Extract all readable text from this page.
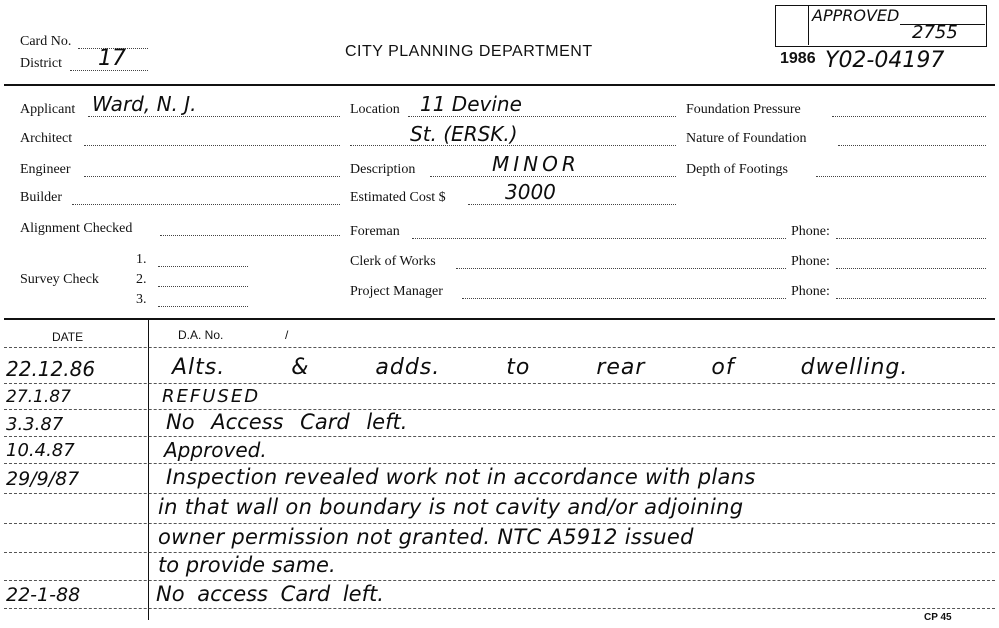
Card No.
District 17	CITY PLANNING DEPARTMENT
APPROVED
2755
1986 Y02-04197
Applicant Ward, N. J.
Architect
Engineer
Builder
Alignment Checked
Survey Check
1.
2.
3.
Location 11 Devine
St. (ERSK.)
Description	MINOR
Estimated Cost $	3000
Foreman
Clerk of Works
Project Manager
Foundation Pressure
Nature of Foundation
Depth of Footings
Phone:
Phone:
Phone:
DATE	D.A. No.	/
22.12.86	Alts. & adds. to rear of dwelling.
27.1.87	REFUSED
3.3.87	No Access Card left.
10.4.87	Approved.
29/9/87	Inspection revealed work not in accordance with plans
in that wall on boundary is not cavity and/or adjoining
owner permission not granted. NTC A5912 issued
to provide same.
22-1-88	No access Card left.
CP 45
